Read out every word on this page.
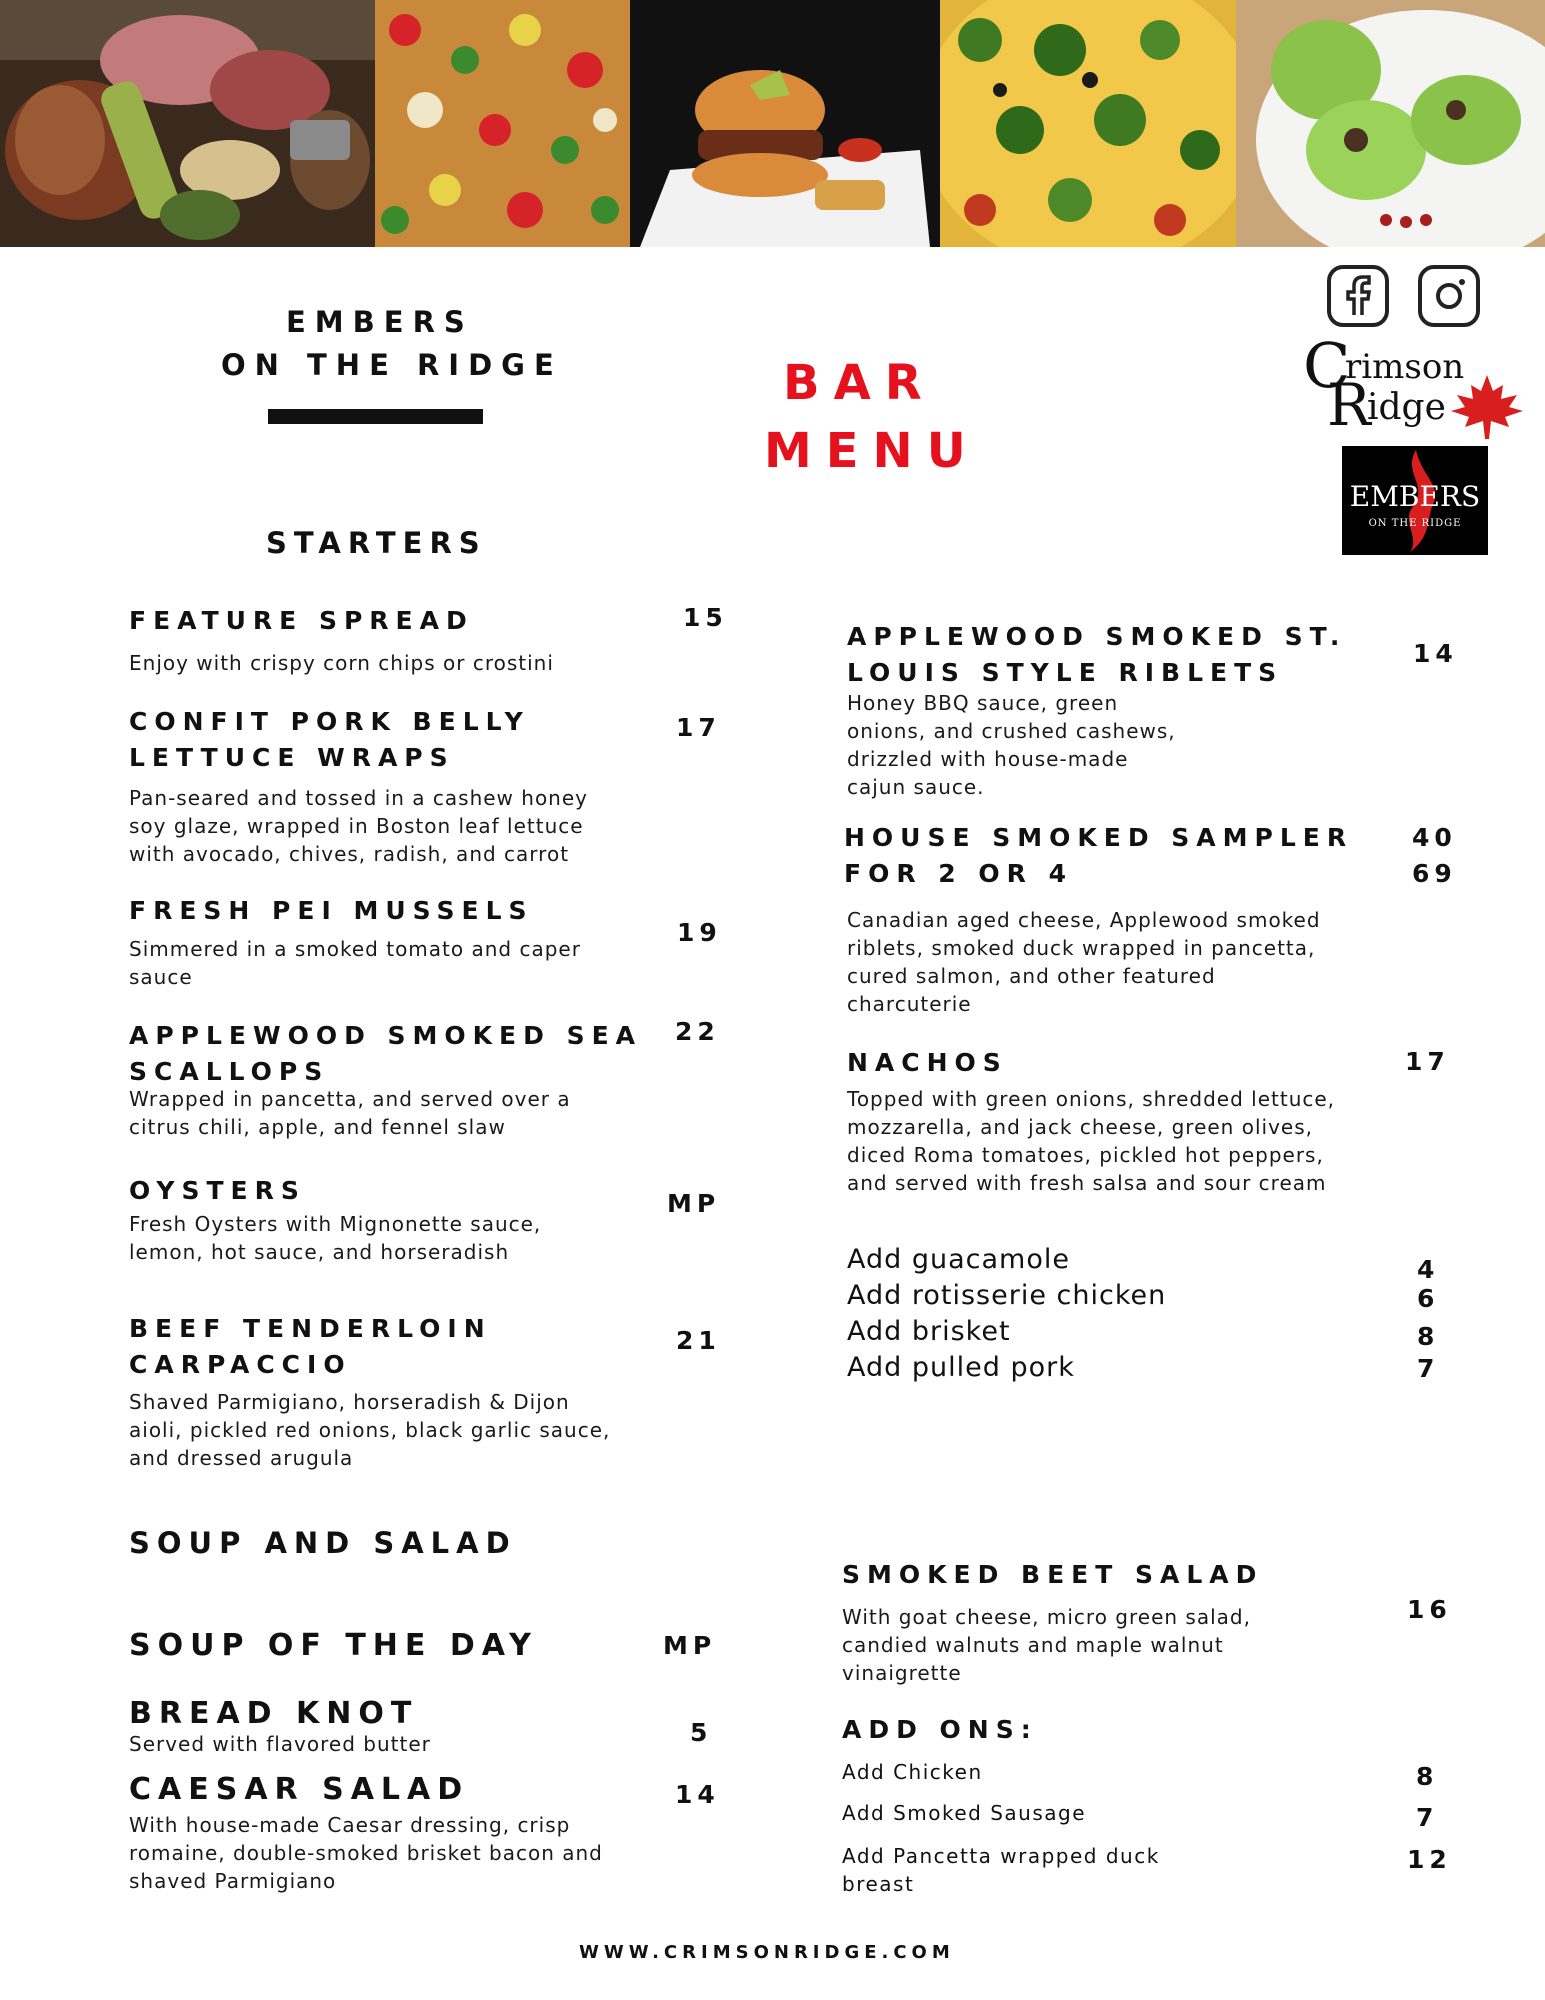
EMBERS
ON THE RIDGE	BAR
MENU
C
rimson
R
idge
EMBERS
ON THE RIDGE
STARTERS
FEATURE SPREAD	15
Enjoy with crispy corn chips or crostini
CONFIT PORK BELLY
LETTUCE WRAPS
17
Pan-seared and tossed in a cashew honey soy glaze, wrapped in Boston leaf lettuce with avocado, chives, radish, and carrot
FRESH PEI MUSSELS
19
Simmered in a smoked tomato and caper sauce
APPLEWOOD SMOKED SEA
SCALLOPS
22
Wrapped in pancetta, and served over a citrus chili, apple, and fennel slaw
OYSTERS	MP
Fresh Oysters with Mignonette sauce, lemon, hot sauce, and horseradish
BEEF TENDERLOIN
CARPACCIO
21
Shaved Parmigiano, horseradish & Dijon aioli, pickled red onions, black garlic sauce, and dressed arugula
APPLEWOOD SMOKED ST.
LOUIS STYLE RIBLETS
14
Honey BBQ sauce, green onions, and crushed cashews, drizzled with house-made cajun sauce.
HOUSE SMOKED SAMPLER
FOR 2 OR 4
40
69
Canadian aged cheese, Applewood smoked riblets, smoked duck wrapped in pancetta, cured salmon, and other featured charcuterie
NACHOS	17
Topped with green onions, shredded lettuce, mozzarella, and jack cheese, green olives, diced Roma tomatoes, pickled hot peppers, and served with fresh salsa and sour cream
Add guacamole	4
Add rotisserie chicken	6
Add brisket	8
Add pulled pork	7
SOUP AND SALAD
SOUP OF THE DAY	MP
BREAD KNOT
5
Served with flavored butter
CAESAR SALAD	14
With house-made Caesar dressing, crisp romaine, double-smoked brisket bacon and shaved Parmigiano
SMOKED BEET SALAD
16
With goat cheese, micro green salad, candied walnuts and maple walnut vinaigrette
ADD ONS:
Add Chicken	8
Add Smoked Sausage	7
Add Pancetta wrapped duck breast
12
WWW.CRIMSONRIDGE.COM
